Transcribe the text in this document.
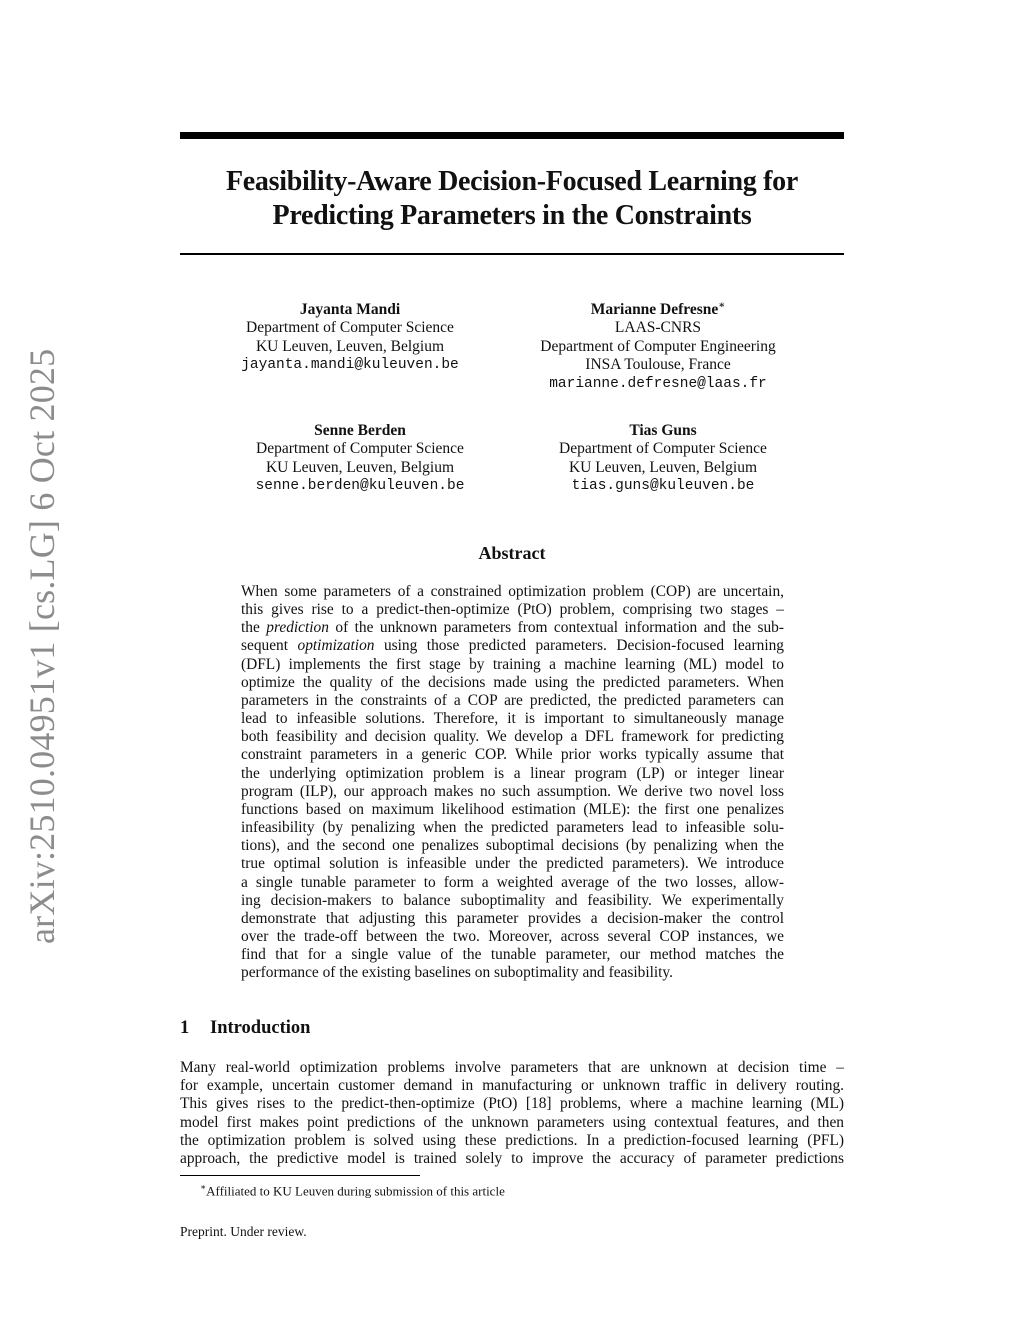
arXiv:2510.04951v1 [cs.LG] 6 Oct 2025
Feasibility-Aware Decision-Focused Learning for
Predicting Parameters in the Constraints
Jayanta Mandi
Department of Computer Science
KU Leuven, Leuven, Belgium
jayanta.mandi@kuleuven.be
Marianne Defresne∗
LAAS-CNRS
Department of Computer Engineering
INSA Toulouse, France
marianne.defresne@laas.fr
Senne Berden
Department of Computer Science
KU Leuven, Leuven, Belgium
senne.berden@kuleuven.be
Tias Guns
Department of Computer Science
KU Leuven, Leuven, Belgium
tias.guns@kuleuven.be
Abstract
When some parameters of a constrained optimization problem (COP) are uncertain,
this gives rise to a predict-then-optimize (PtO) problem, comprising two stages –
the prediction of the unknown parameters from contextual information and the sub-
sequent optimization using those predicted parameters. Decision-focused learning
(DFL) implements the first stage by training a machine learning (ML) model to
optimize the quality of the decisions made using the predicted parameters. When
parameters in the constraints of a COP are predicted, the predicted parameters can
lead to infeasible solutions. Therefore, it is important to simultaneously manage
both feasibility and decision quality. We develop a DFL framework for predicting
constraint parameters in a generic COP. While prior works typically assume that
the underlying optimization problem is a linear program (LP) or integer linear
program (ILP), our approach makes no such assumption. We derive two novel loss
functions based on maximum likelihood estimation (MLE): the first one penalizes
infeasibility (by penalizing when the predicted parameters lead to infeasible solu-
tions), and the second one penalizes suboptimal decisions (by penalizing when the
true optimal solution is infeasible under the predicted parameters). We introduce
a single tunable parameter to form a weighted average of the two losses, allow-
ing decision-makers to balance suboptimality and feasibility. We experimentally
demonstrate that adjusting this parameter provides a decision-maker the control
over the trade-off between the two. Moreover, across several COP instances, we
find that for a single value of the tunable parameter, our method matches the
performance of the existing baselines on suboptimality and feasibility.
1 Introduction
Many real-world optimization problems involve parameters that are unknown at decision time –
for example, uncertain customer demand in manufacturing or unknown traffic in delivery routing.
This gives rises to the predict-then-optimize (PtO) [18] problems, where a machine learning (ML)
model first makes point predictions of the unknown parameters using contextual features, and then
the optimization problem is solved using these predictions. In a prediction-focused learning (PFL)
approach, the predictive model is trained solely to improve the accuracy of parameter predictions
∗Affiliated to KU Leuven during submission of this article
Preprint. Under review.
